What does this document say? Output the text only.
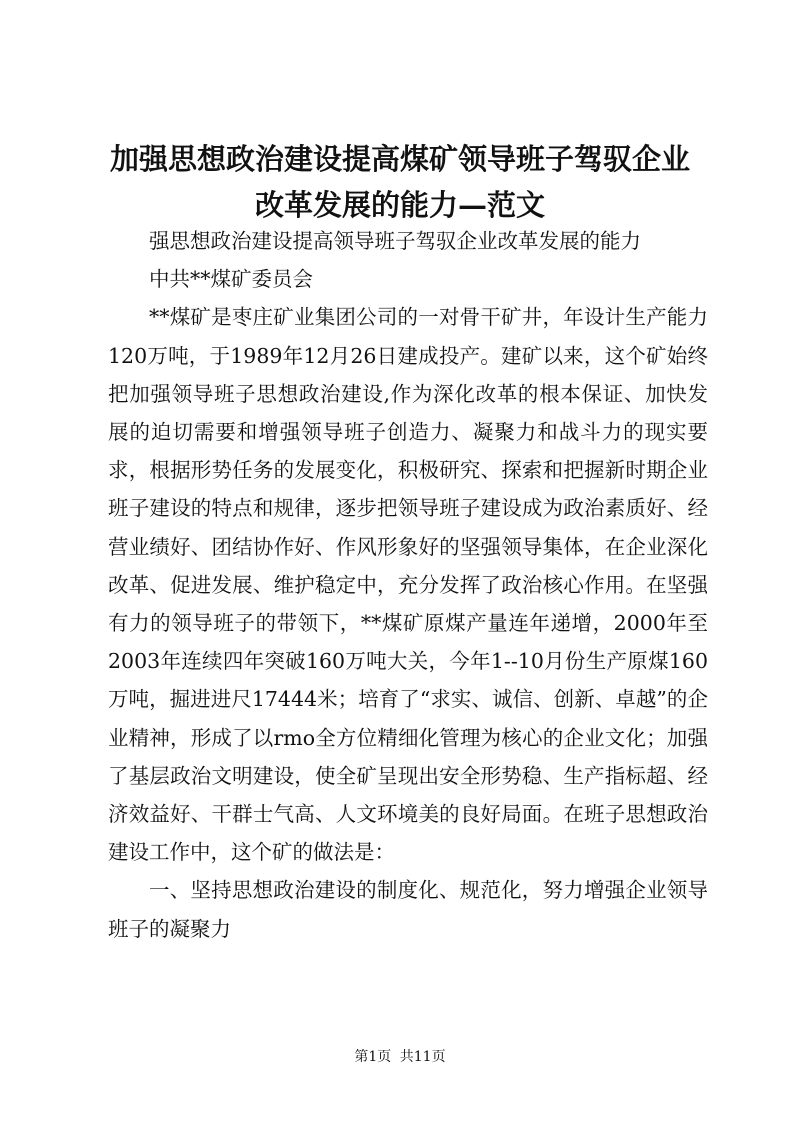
加强思想政治建设提高煤矿领导班子驾驭企业
改革发展的能力—范文

强思想政治建设提高领导班子驾驭企业改革发展的能力

中共**煤矿委员会

**煤矿是枣庄矿业集团公司的一对骨干矿井，年设计生产能力120万吨，于1989年12月26日建成投产。建矿以来，这个矿始终把加强领导班子思想政治建设,作为深化改革的根本保证、加快发展的迫切需要和增强领导班子创造力、凝聚力和战斗力的现实要求，根据形势任务的发展变化，积极研究、探索和把握新时期企业班子建设的特点和规律，逐步把领导班子建设成为政治素质好、经营业绩好、团结协作好、作风形象好的坚强领导集体，在企业深化改革、促进发展、维护稳定中，充分发挥了政治核心作用。在坚强有力的领导班子的带领下，**煤矿原煤产量连年递增，2000年至2003年连续四年突破160万吨大关，今年1--10月份生产原煤160万吨，掘进进尺17444米；培育了“求实、诚信、创新、卓越”的企业精神，形成了以rmo全方位精细化管理为核心的企业文化；加强了基层政治文明建设，使全矿呈现出安全形势稳、生产指标超、经济效益好、干群士气高、人文环境美的良好局面。在班子思想政治建设工作中，这个矿的做法是：

一、坚持思想政治建设的制度化、规范化，努力增强企业领导班子的凝聚力

第1页 共11页
